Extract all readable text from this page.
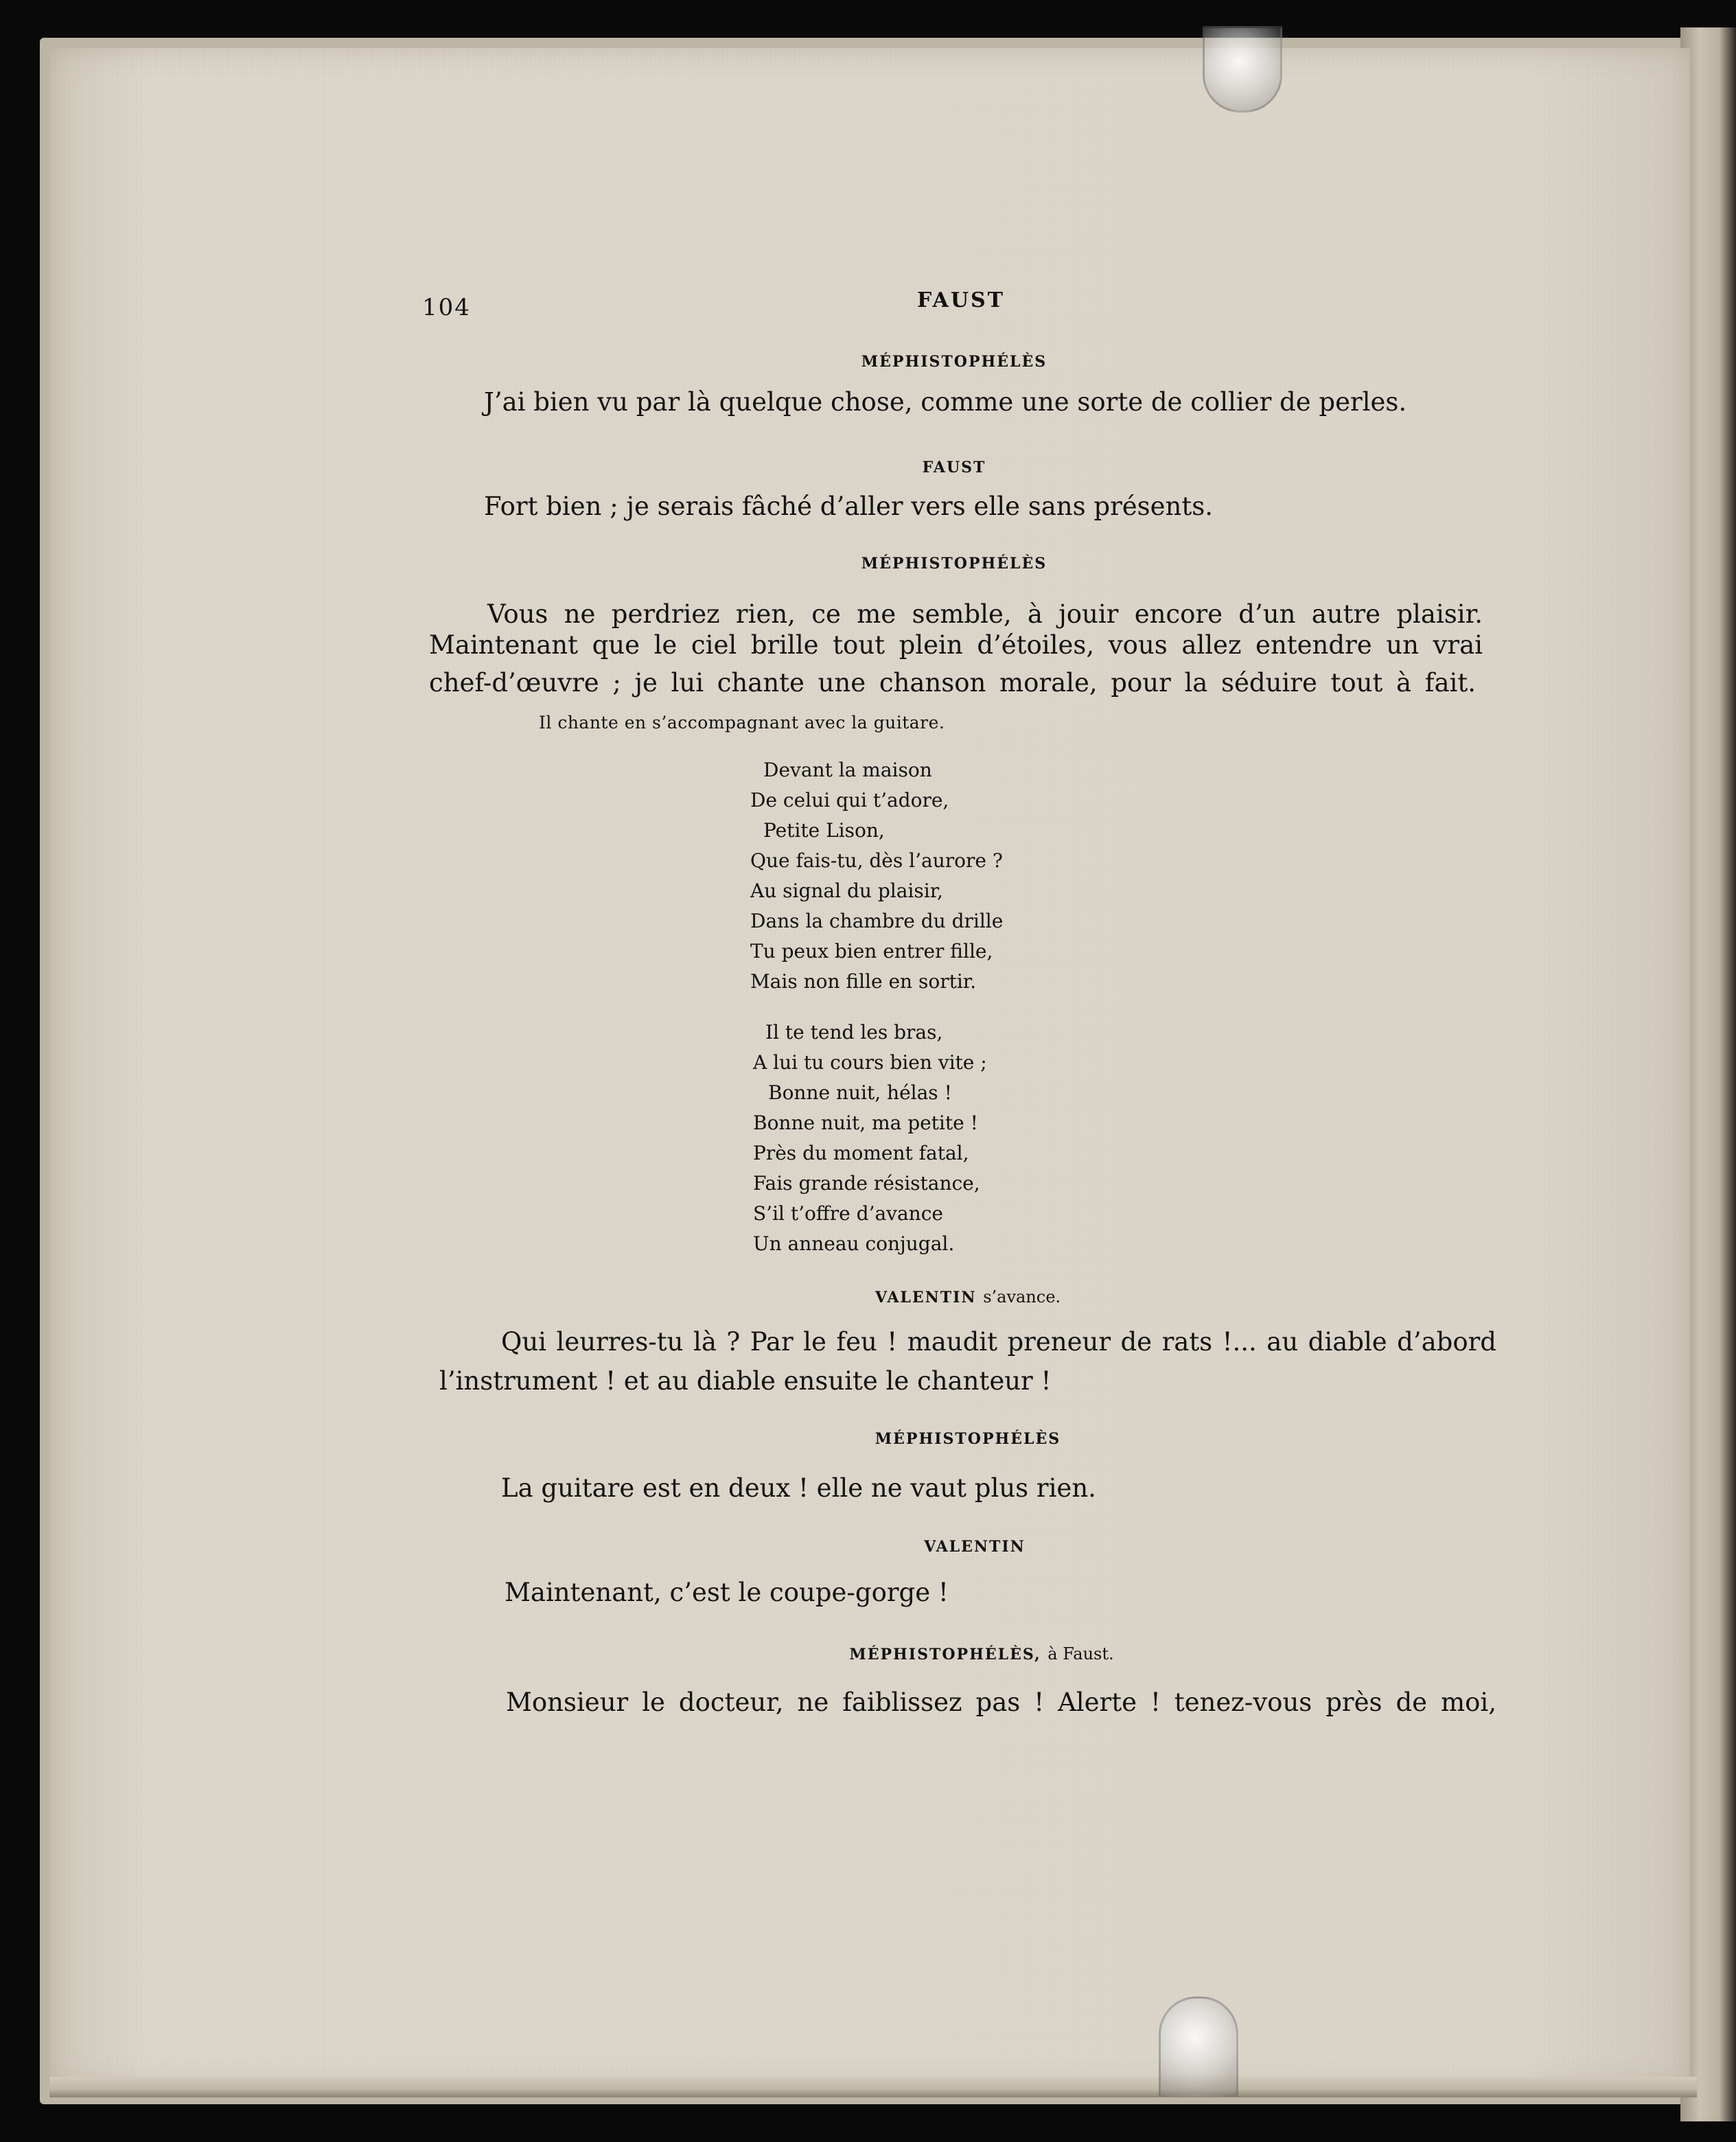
104	FAUST

MÉPHISTOPHÉLÈS

J’ai bien vu par là quelque chose, comme une sorte de collier de perles.

FAUST

Fort bien ; je serais fâché d’aller vers elle sans présents.

MÉPHISTOPHÉLÈS

Vous ne perdriez rien, ce me semble, à jouir encore d’un autre plaisir.

Maintenant que le ciel brille tout plein d’étoiles, vous allez entendre un vrai

chef-d’œuvre ; je lui chante une chanson morale, pour la séduire tout à fait.

Il chante en s’accompagnant avec la guitare.

Devant la maison
De celui qui t’adore,
Petite Lison,
Que fais-tu, dès l’aurore ?
Au signal du plaisir,
Dans la chambre du drille
Tu peux bien entrer fille,
Mais non fille en sortir.
Il te tend les bras,
A lui tu cours bien vite ;
Bonne nuit, hélas !
Bonne nuit, ma petite !
Près du moment fatal,
Fais grande résistance,
S’il t’offre d’avance
Un anneau conjugal.

VALENTIN s’avance.

Qui leurres-tu là ? Par le feu ! maudit preneur de rats !... au diable d’abord

l’instrument ! et au diable ensuite le chanteur !

MÉPHISTOPHÉLÈS

La guitare est en deux ! elle ne vaut plus rien.

VALENTIN

Maintenant, c’est le coupe-gorge !

MÉPHISTOPHÉLÈS, à Faust.

Monsieur le docteur, ne faiblissez pas ! Alerte ! tenez-vous près de moi,
